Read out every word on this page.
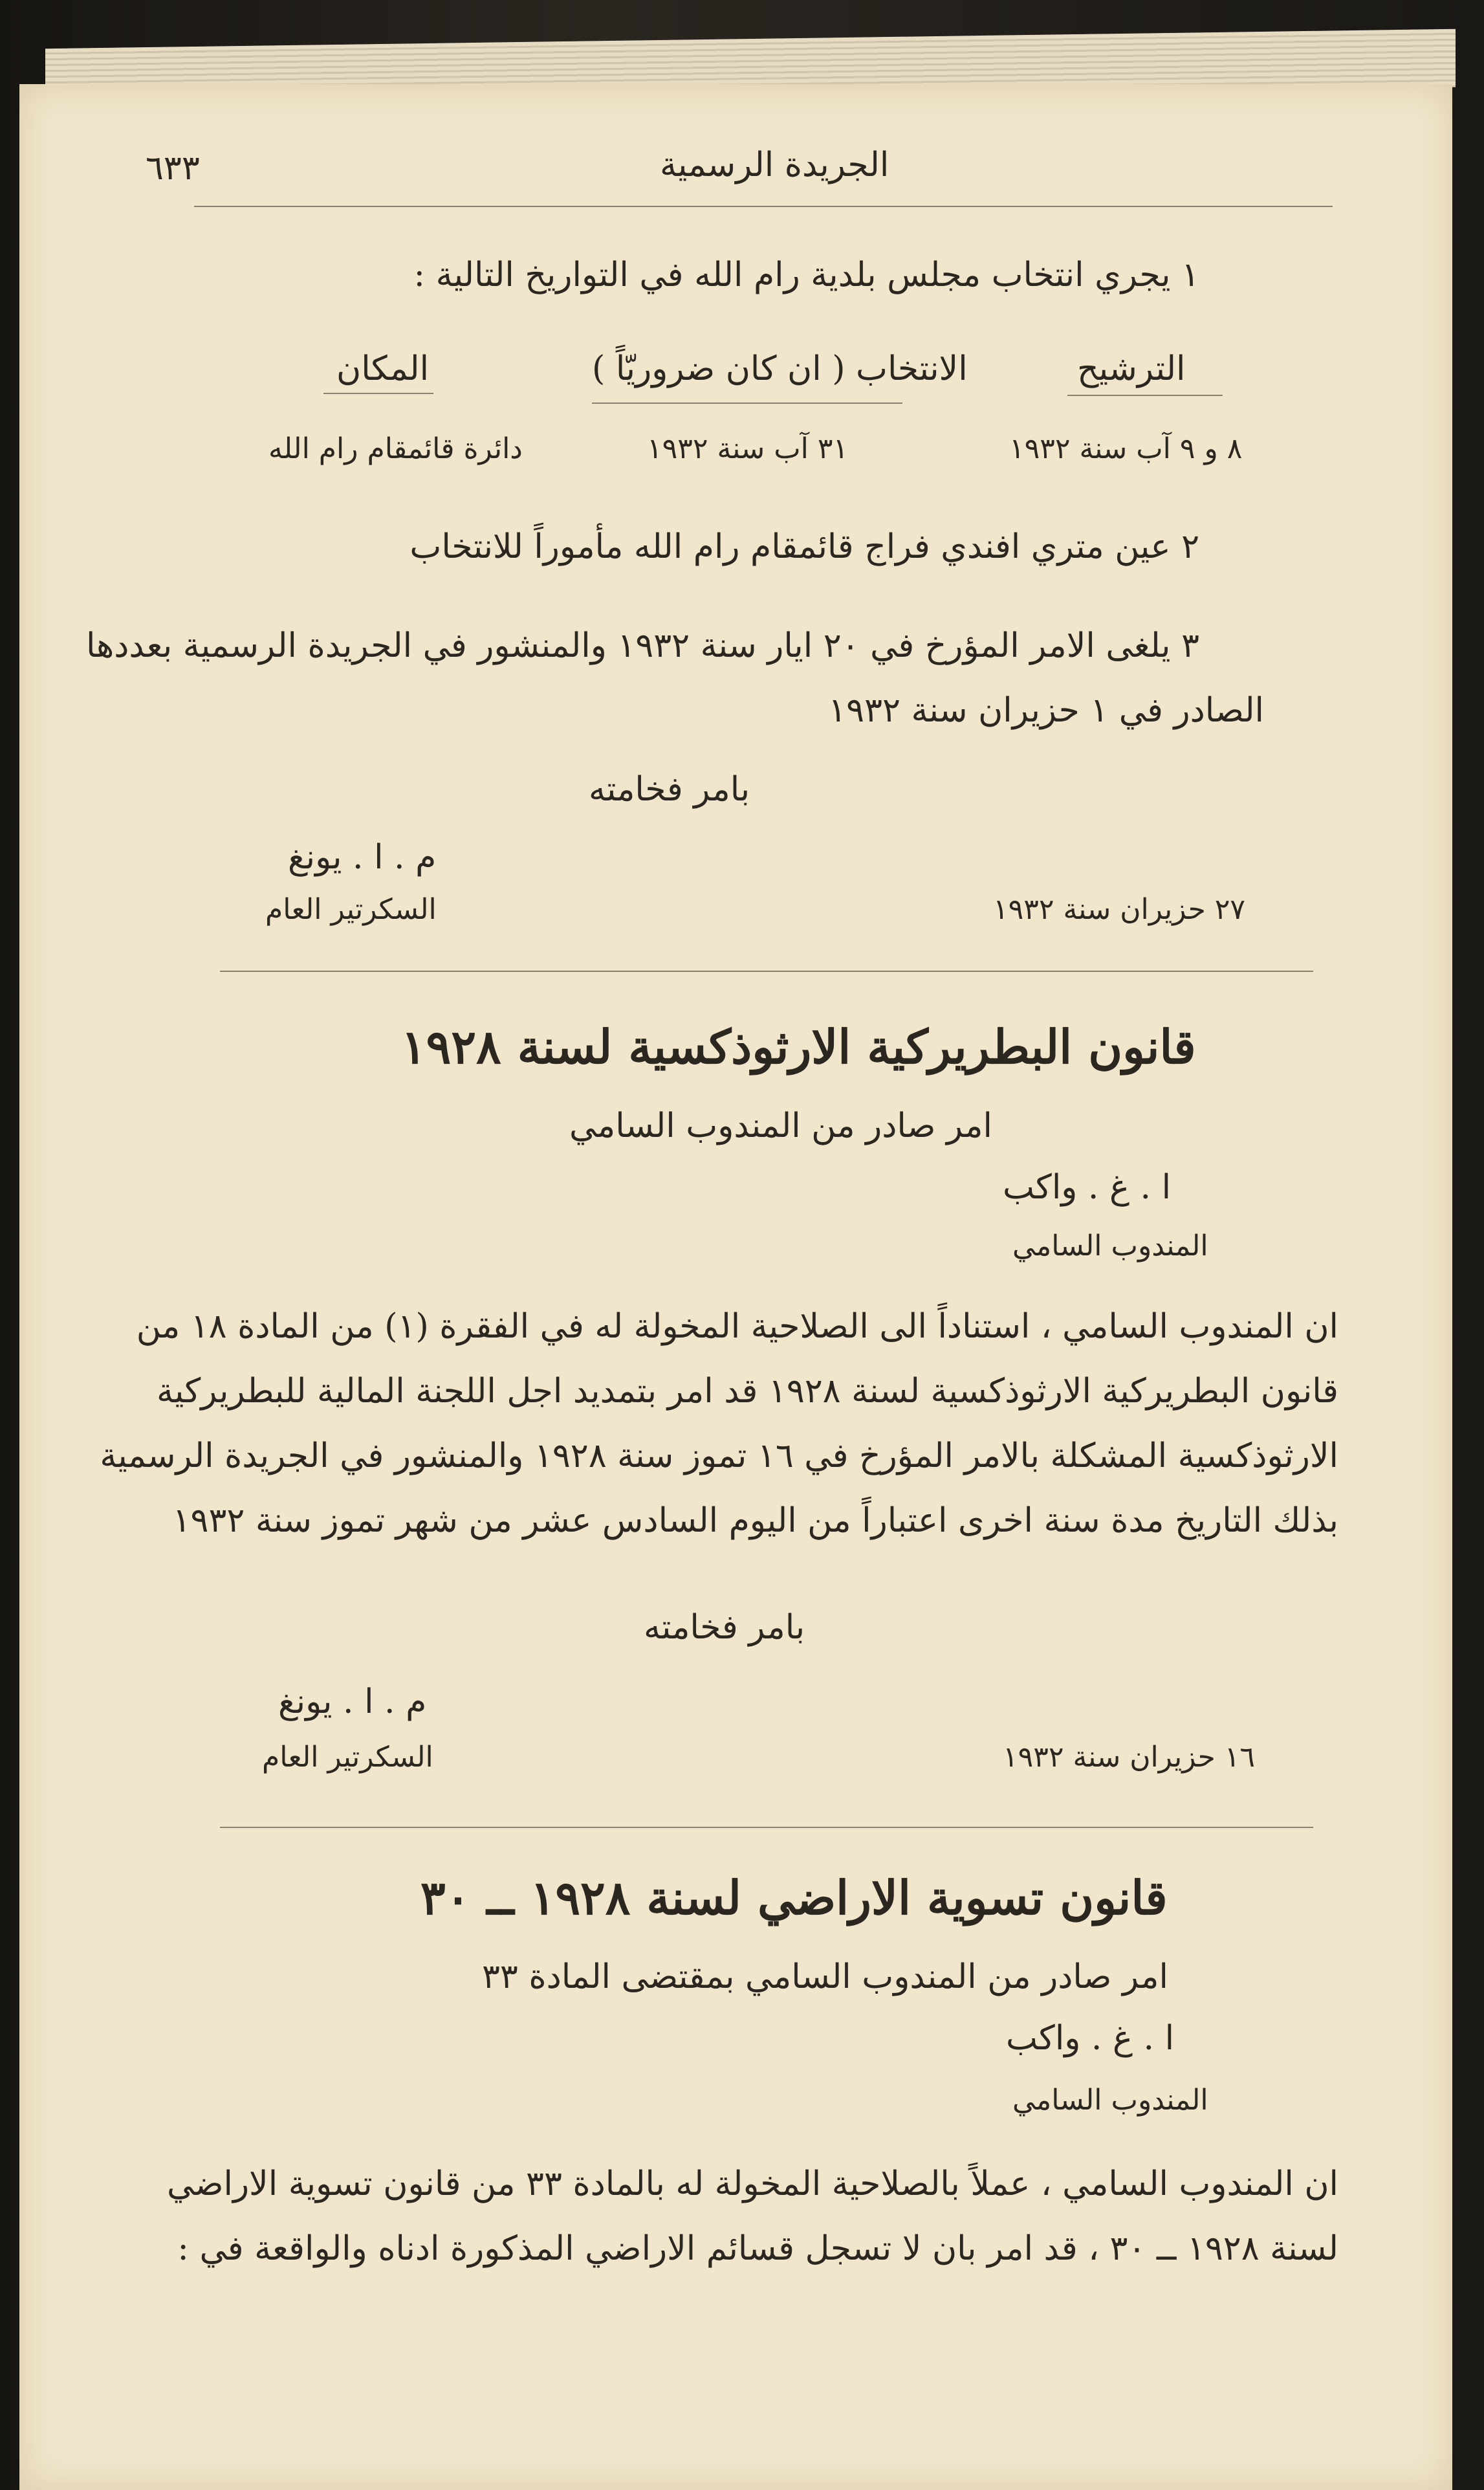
الجريدة الرسمية
٦٣٣
١ يجري انتخاب مجلس بلدية رام الله في التواريخ التالية :
الترشيح
الانتخاب ( ان كان ضروريّاً )
المكان
٨ و ٩ آب سنة ١٩٣٢
٣١ آب سنة ١٩٣٢
دائرة قائمقام رام الله
٢ عين متري افندي فراج قائمقام رام الله مأموراً للانتخاب
٣ يلغى الامر المؤرخ في ٢٠ ايار سنة ١٩٣٢ والمنشور في الجريدة الرسمية بعددها
الصادر في ١ حزيران سنة ١٩٣٢
بامر فخامته
م . ا . يونغ
السكرتير العام	٢٧ حزيران سنة ١٩٣٢
قانون البطريركية الارثوذكسية لسنة ١٩٢٨
امر صادر من المندوب السامي
ا . غ . واكب
المندوب السامي
ان المندوب السامي ، استناداً الى الصلاحية المخولة له في الفقرة (١) من المادة ١٨ من
قانون البطريركية الارثوذكسية لسنة ١٩٢٨ قد امر بتمديد اجل اللجنة المالية للبطريركية
الارثوذكسية المشكلة بالامر المؤرخ في ١٦ تموز سنة ١٩٢٨ والمنشور في الجريدة الرسمية
بذلك التاريخ مدة سنة اخرى اعتباراً من اليوم السادس عشر من شهر تموز سنة ١٩٣٢
بامر فخامته
م . ا . يونغ
السكرتير العام	١٦ حزيران سنة ١٩٣٢
قانون تسوية الاراضي لسنة ١٩٢٨ ــ ٣٠
امر صادر من المندوب السامي بمقتضى المادة ٣٣
ا . غ . واكب
المندوب السامي
ان المندوب السامي ، عملاً بالصلاحية المخولة له بالمادة ٣٣ من قانون تسوية الاراضي
لسنة ١٩٢٨ ــ ٣٠ ، قد امر بان لا تسجل قسائم الاراضي المذكورة ادناه والواقعة في :
